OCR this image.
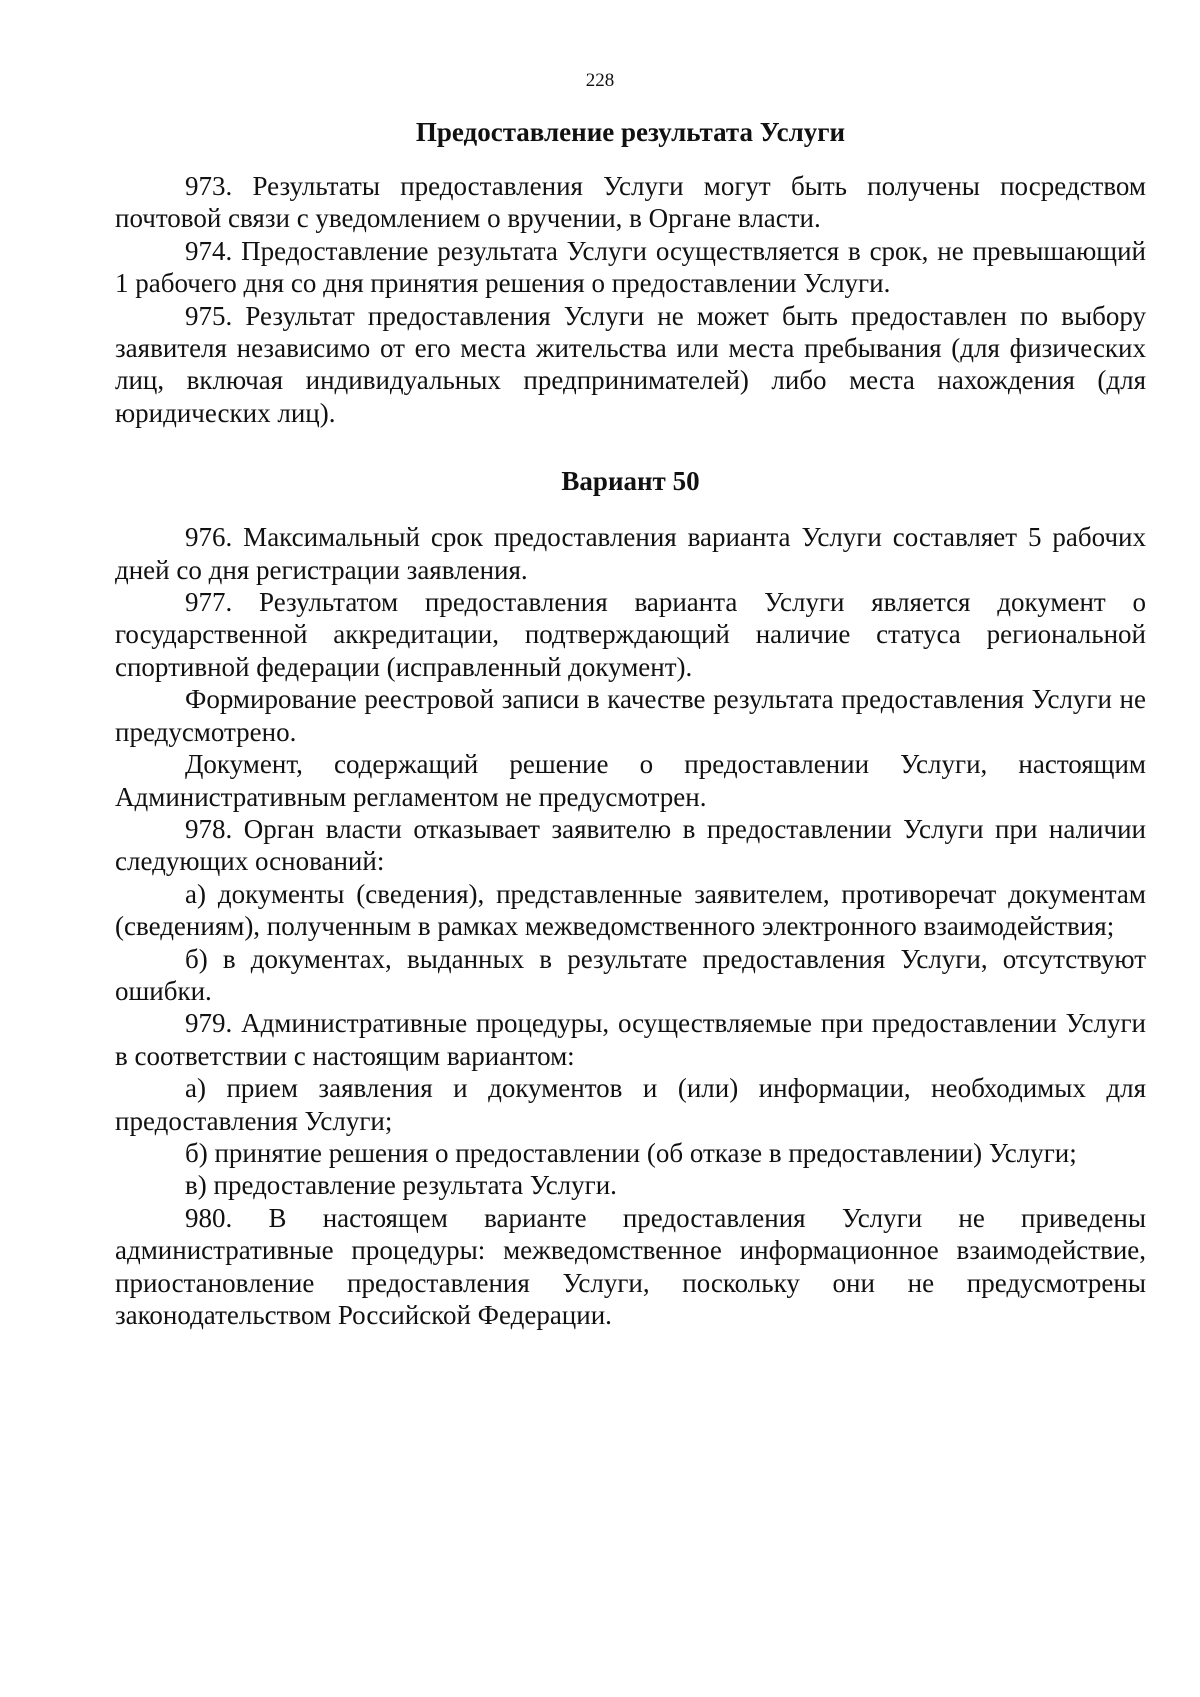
228
Предоставление результата Услуги

973. Результаты предоставления Услуги могут быть получены посредством почтовой связи с уведомлением о вручении, в Органе власти.

974. Предоставление результата Услуги осуществляется в срок, не превышающий 1 рабочего дня со дня принятия решения о предоставлении Услуги.

975. Результат предоставления Услуги не может быть предоставлен по выбору заявителя независимо от его места жительства или места пребывания (для физических лиц, включая индивидуальных предпринимателей) либо места нахождения (для юридических лиц).

Вариант 50

976. Максимальный срок предоставления варианта Услуги составляет 5 рабочих дней со дня регистрации заявления.

977. Результатом предоставления варианта Услуги является документ о государственной аккредитации, подтверждающий наличие статуса региональной спортивной федерации (исправленный документ).

Формирование реестровой записи в качестве результата предоставления Услуги не предусмотрено.

Документ, содержащий решение о предоставлении Услуги, настоящим Административным регламентом не предусмотрен.

978. Орган власти отказывает заявителю в предоставлении Услуги при наличии следующих оснований:

а) документы (сведения), представленные заявителем, противоречат документам (сведениям), полученным в рамках межведомственного электронного взаимодействия;

б) в документах, выданных в результате предоставления Услуги, отсутствуют ошибки.

979. Административные процедуры, осуществляемые при предоставлении Услуги в соответствии с настоящим вариантом:

а) прием заявления и документов и (или) информации, необходимых для предоставления Услуги;

б) принятие решения о предоставлении (об отказе в предоставлении) Услуги;

в) предоставление результата Услуги.

980. В настоящем варианте предоставления Услуги не приведены административные процедуры: межведомственное информационное взаимодействие, приостановление предоставления Услуги, поскольку они не предусмотрены законодательством Российской Федерации.
